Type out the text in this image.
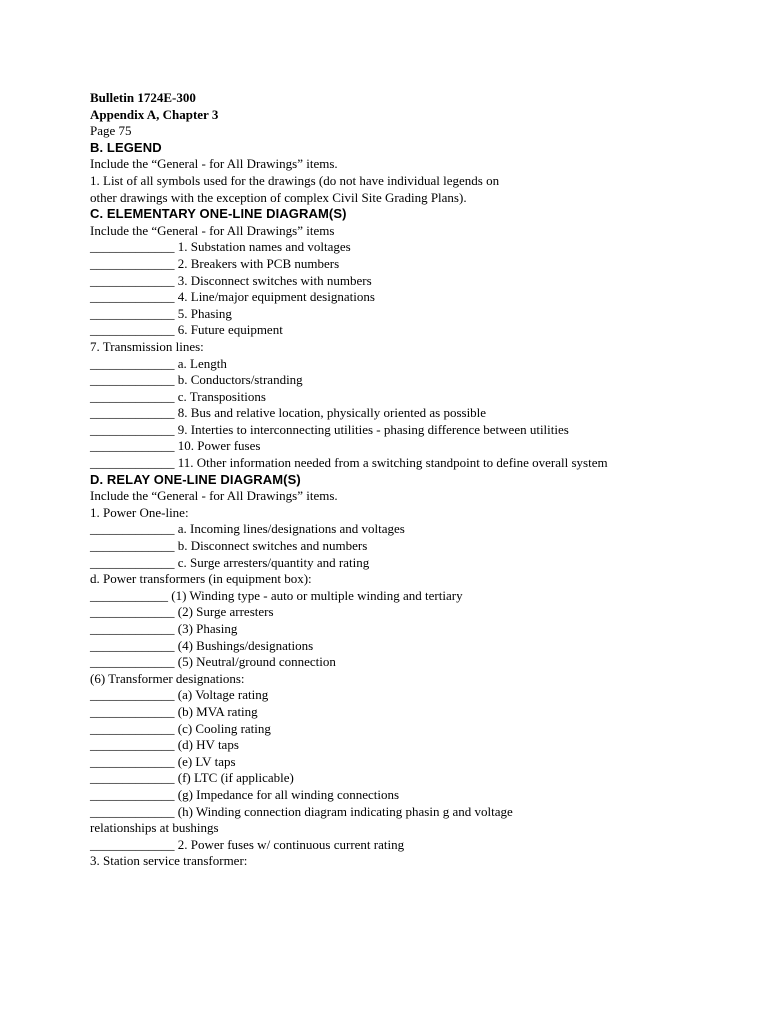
Bulletin 1724E-300
Appendix A, Chapter 3
Page 75
B. LEGEND
Include the “General - for All Drawings” items.
1. List of all symbols used for the drawings (do not have individual legends on
other drawings with the exception of complex Civil Site Grading Plans).
C. ELEMENTARY ONE-LINE DIAGRAM(S)
Include the “General - for All Drawings” items
_____________ 1. Substation names and voltages
_____________ 2. Breakers with PCB numbers
_____________ 3. Disconnect switches with numbers
_____________ 4. Line/major equipment designations
_____________ 5. Phasing
_____________ 6. Future equipment
7. Transmission lines:
_____________ a. Length
_____________ b. Conductors/stranding
_____________ c. Transpositions
_____________ 8. Bus and relative location, physically oriented as possible
_____________ 9. Interties to interconnecting utilities - phasing difference between utilities
_____________ 10. Power fuses
_____________ 11. Other information needed from a switching standpoint to define overall system
D. RELAY ONE-LINE DIAGRAM(S)
Include the “General - for All Drawings” items.
1. Power One-line:
_____________ a. Incoming lines/designations and voltages
_____________ b. Disconnect switches and numbers
_____________ c. Surge arresters/quantity and rating
d. Power transformers (in equipment box):
____________ (1) Winding type - auto or multiple winding and tertiary
_____________ (2) Surge arresters
_____________ (3) Phasing
_____________ (4) Bushings/designations
_____________ (5) Neutral/ground connection
(6) Transformer designations:
_____________ (a) Voltage rating
_____________ (b) MVA rating
_____________ (c) Cooling rating
_____________ (d) HV taps
_____________ (e) LV taps
_____________ (f) LTC (if applicable)
_____________ (g) Impedance for all winding connections
_____________ (h) Winding connection diagram indicating phasin g and voltage
relationships at bushings
_____________ 2. Power fuses w/ continuous current rating
3. Station service transformer:
